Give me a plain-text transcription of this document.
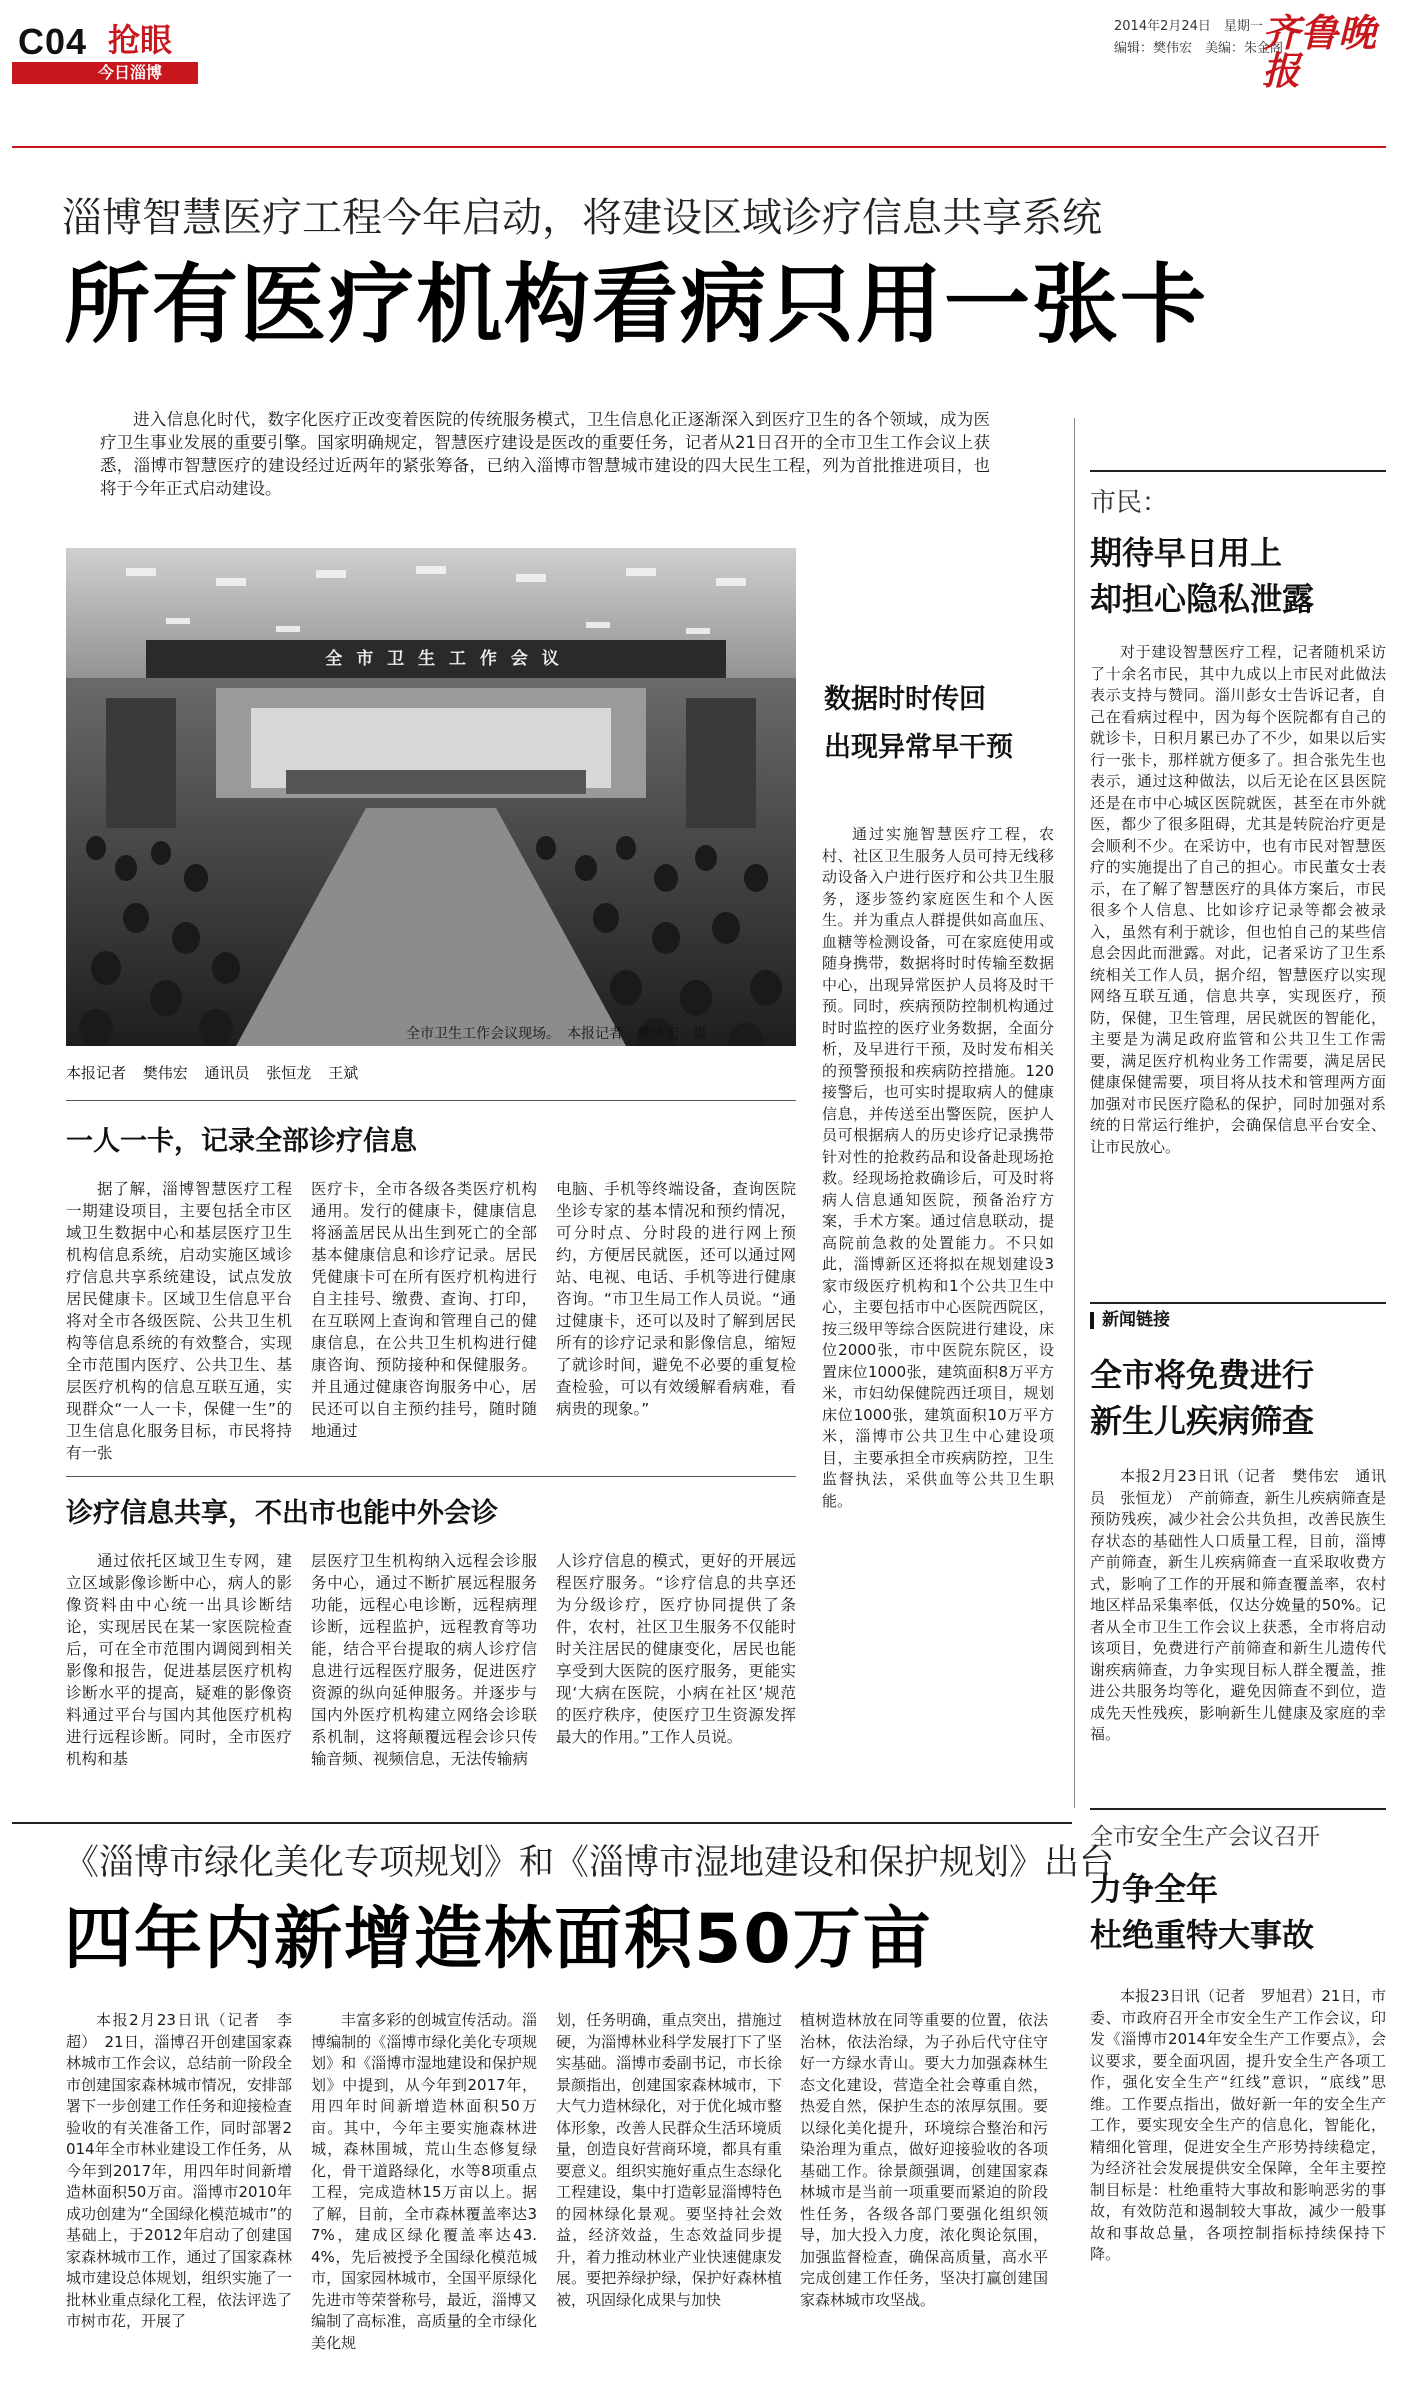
C04 抢眼
今日淄博
2014年2月24日　星期一
编辑：樊伟宏　美编：朱金阁
齐鲁晚报
淄博智慧医疗工程今年启动，将建设区域诊疗信息共享系统
所有医疗机构看病只用一张卡
进入信息化时代，数字化医疗正改变着医院的传统服务模式，卫生信息化正逐渐深入到医疗卫生的各个领域，成为医疗卫生事业发展的重要引擎。国家明确规定，智慧医疗建设是医改的重要任务，记者从21日召开的全市卫生工作会议上获悉，淄博市智慧医疗的建设经过近两年的紧张筹备，已纳入淄博市智慧城市建设的四大民生工程，列为首批推进项目，也将于今年正式启动建设。
全 市 卫 生 工 作 会 议
全市卫生工作会议现场。　本报记者　樊伟宏　摄
本报记者 樊伟宏 通讯员 张恒龙 王斌
一人一卡，记录全部诊疗信息
据了解，淄博智慧医疗工程一期建设项目，主要包括全市区域卫生数据中心和基层医疗卫生机构信息系统，启动实施区域诊疗信息共享系统建设，试点发放居民健康卡。区域卫生信息平台将对全市各级医院、公共卫生机构等信息系统的有效整合，实现全市范围内医疗、公共卫生、基层医疗机构的信息互联互通，实现群众“一人一卡，保健一生”的卫生信息化服务目标，市民将持有一张
医疗卡，全市各级各类医疗机构通用。发行的健康卡，健康信息将涵盖居民从出生到死亡的全部基本健康信息和诊疗记录。居民凭健康卡可在所有医疗机构进行自主挂号、缴费、查询、打印，在互联网上查询和管理自己的健康信息，在公共卫生机构进行健康咨询、预防接种和保健服务。并且通过健康咨询服务中心，居民还可以自主预约挂号，随时随地通过
电脑、手机等终端设备，查询医院坐诊专家的基本情况和预约情况，可分时点、分时段的进行网上预约，方便居民就医，还可以通过网站、电视、电话、手机等进行健康咨询。“市卫生局工作人员说。“通过健康卡，还可以及时了解到居民所有的诊疗记录和影像信息，缩短了就诊时间，避免不必要的重复检查检验，可以有效缓解看病难，看病贵的现象。”
诊疗信息共享，不出市也能中外会诊
通过依托区域卫生专网，建立区域影像诊断中心，病人的影像资料由中心统一出具诊断结论，实现居民在某一家医院检查后，可在全市范围内调阅到相关影像和报告，促进基层医疗机构诊断水平的提高，疑难的影像资料通过平台与国内其他医疗机构进行远程诊断。同时，全市医疗机构和基
层医疗卫生机构纳入远程会诊服务中心，通过不断扩展远程服务功能，远程心电诊断，远程病理诊断，远程监护，远程教育等功能，结合平台提取的病人诊疗信息进行远程医疗服务，促进医疗资源的纵向延伸服务。并逐步与国内外医疗机构建立网络会诊联系机制，这将颠覆远程会诊只传输音频、视频信息，无法传输病
人诊疗信息的模式，更好的开展远程医疗服务。“诊疗信息的共享还为分级诊疗，医疗协同提供了条件，农村，社区卫生服务不仅能时时关注居民的健康变化，居民也能享受到大医院的医疗服务，更能实现‘大病在医院，小病在社区’规范的医疗秩序，使医疗卫生资源发挥最大的作用。”工作人员说。
数据时时传回
出现异常早干预
通过实施智慧医疗工程，农村、社区卫生服务人员可持无线移动设备入户进行医疗和公共卫生服务，逐步签约家庭医生和个人医生。并为重点人群提供如高血压、血糖等检测设备，可在家庭使用或随身携带，数据将时时传输至数据中心，出现异常医护人员将及时干预。同时，疾病预防控制机构通过时时监控的医疗业务数据，全面分析，及早进行干预，及时发布相关的预警预报和疾病防控措施。120接警后，也可实时提取病人的健康信息，并传送至出警医院，医护人员可根据病人的历史诊疗记录携带针对性的抢救药品和设备赴现场抢救。经现场抢救确诊后，可及时将病人信息通知医院，预备治疗方案，手术方案。通过信息联动，提高院前急救的处置能力。不只如此，淄博新区还将拟在规划建设3家市级医疗机构和1个公共卫生中心，主要包括市中心医院西院区，按三级甲等综合医院进行建设，床位2000张，市中医院东院区，设置床位1000张，建筑面积8万平方米，市妇幼保健院西迁项目，规划床位1000张，建筑面积10万平方米，淄博市公共卫生中心建设项目，主要承担全市疾病防控，卫生监督执法，采供血等公共卫生职能。
市民：
期待早日用上
却担心隐私泄露
对于建设智慧医疗工程，记者随机采访了十余名市民，其中九成以上市民对此做法表示支持与赞同。淄川彭女士告诉记者，自己在看病过程中，因为每个医院都有自己的就诊卡，日积月累已办了不少，如果以后实行一张卡，那样就方便多了。担合张先生也表示，通过这种做法，以后无论在区县医院还是在市中心城区医院就医，甚至在市外就医，都少了很多阻碍，尤其是转院治疗更是会顺利不少。在采访中，也有市民对智慧医疗的实施提出了自己的担心。市民董女士表示，在了解了智慧医疗的具体方案后，市民很多个人信息、比如诊疗记录等都会被录入，虽然有利于就诊，但也怕自己的某些信息会因此而泄露。对此，记者采访了卫生系统相关工作人员，据介绍，智慧医疗以实现网络互联互通，信息共享，实现医疗，预防，保健，卫生管理，居民就医的智能化，主要是为满足政府监管和公共卫生工作需要，满足医疗机构业务工作需要，满足居民健康保健需要，项目将从技术和管理两方面加强对市民医疗隐私的保护，同时加强对系统的日常运行维护，会确保信息平台安全、让市民放心。
新闻链接
全市将免费进行
新生儿疾病筛查
本报2月23日讯（记者　樊伟宏　通讯员　张恒龙）　产前筛查，新生儿疾病筛查是预防残疾，减少社会公共负担，改善民族生存状态的基础性人口质量工程，目前，淄博产前筛查，新生儿疾病筛查一直采取收费方式，影响了工作的开展和筛查覆盖率，农村地区样品采集率低，仅达分娩量的50%。记者从全市卫生工作会议上获悉，全市将启动该项目，免费进行产前筛查和新生儿遗传代谢疾病筛查，力争实现目标人群全覆盖，推进公共服务均等化，避免因筛查不到位，造成先天性残疾，影响新生儿健康及家庭的幸福。
全市安全生产会议召开
力争全年
杜绝重特大事故
本报23日讯（记者　罗旭君）21日，市委、市政府召开全市安全生产工作会议，印发《淄博市2014年安全生产工作要点》，会议要求，要全面巩固，提升安全生产各项工作，强化安全生产“红线”意识，“底线”思维。工作要点指出，做好新一年的安全生产工作，要实现安全生产的信息化，智能化，精细化管理，促进安全生产形势持续稳定，为经济社会发展提供安全保障，全年主要控制目标是：杜绝重特大事故和影响恶劣的事故，有效防范和遏制较大事故，减少一般事故和事故总量，各项控制指标持续保持下降。
《淄博市绿化美化专项规划》和《淄博市湿地建设和保护规划》出台
四年内新增造林面积50万亩
本报2月23日讯（记者　李超）　21日，淄博召开创建国家森林城市工作会议，总结前一阶段全市创建国家森林城市情况，安排部署下一步创建工作任务和迎接检查验收的有关准备工作，同时部署2014年全市林业建设工作任务，从今年到2017年，用四年时间新增造林面积50万亩。淄博市2010年成功创建为“全国绿化模范城市”的基础上，于2012年启动了创建国家森林城市工作，通过了国家森林城市建设总体规划，组织实施了一批林业重点绿化工程，依法评选了市树市花，开展了
丰富多彩的创城宣传活动。淄博编制的《淄博市绿化美化专项规划》和《淄博市湿地建设和保护规划》中提到，从今年到2017年，用四年时间新增造林面积50万亩。其中，今年主要实施森林进城，森林围城，荒山生态修复绿化，骨干道路绿化，水等8项重点工程，完成造林15万亩以上。据了解，目前，全市森林覆盖率达37%，建成区绿化覆盖率达43.4%，先后被授予全国绿化模范城市，国家园林城市，全国平原绿化先进市等荣誉称号，最近，淄博又编制了高标准，高质量的全市绿化美化规
划，任务明确，重点突出，措施过硬，为淄博林业科学发展打下了坚实基础。淄博市委副书记，市长徐景颜指出，创建国家森林城市，下大气力造林绿化，对于优化城市整体形象，改善人民群众生活环境质量，创造良好营商环境，都具有重要意义。组织实施好重点生态绿化工程建设，集中打造彰显淄博特色的园林绿化景观。要坚持社会效益，经济效益，生态效益同步提升，着力推动林业产业快速健康发展。要把养绿护绿，保护好森林植被，巩固绿化成果与加快
植树造林放在同等重要的位置，依法治林，依法治绿，为子孙后代守住守好一方绿水青山。要大力加强森林生态文化建设，营造全社会尊重自然，热爱自然，保护生态的浓厚氛围。要以绿化美化提升，环境综合整治和污染治理为重点，做好迎接验收的各项基础工作。徐景颜强调，创建国家森林城市是当前一项重要而紧迫的阶段性任务，各级各部门要强化组织领导，加大投入力度，浓化舆论氛围，加强监督检查，确保高质量，高水平完成创建工作任务，坚决打赢创建国家森林城市攻坚战。
